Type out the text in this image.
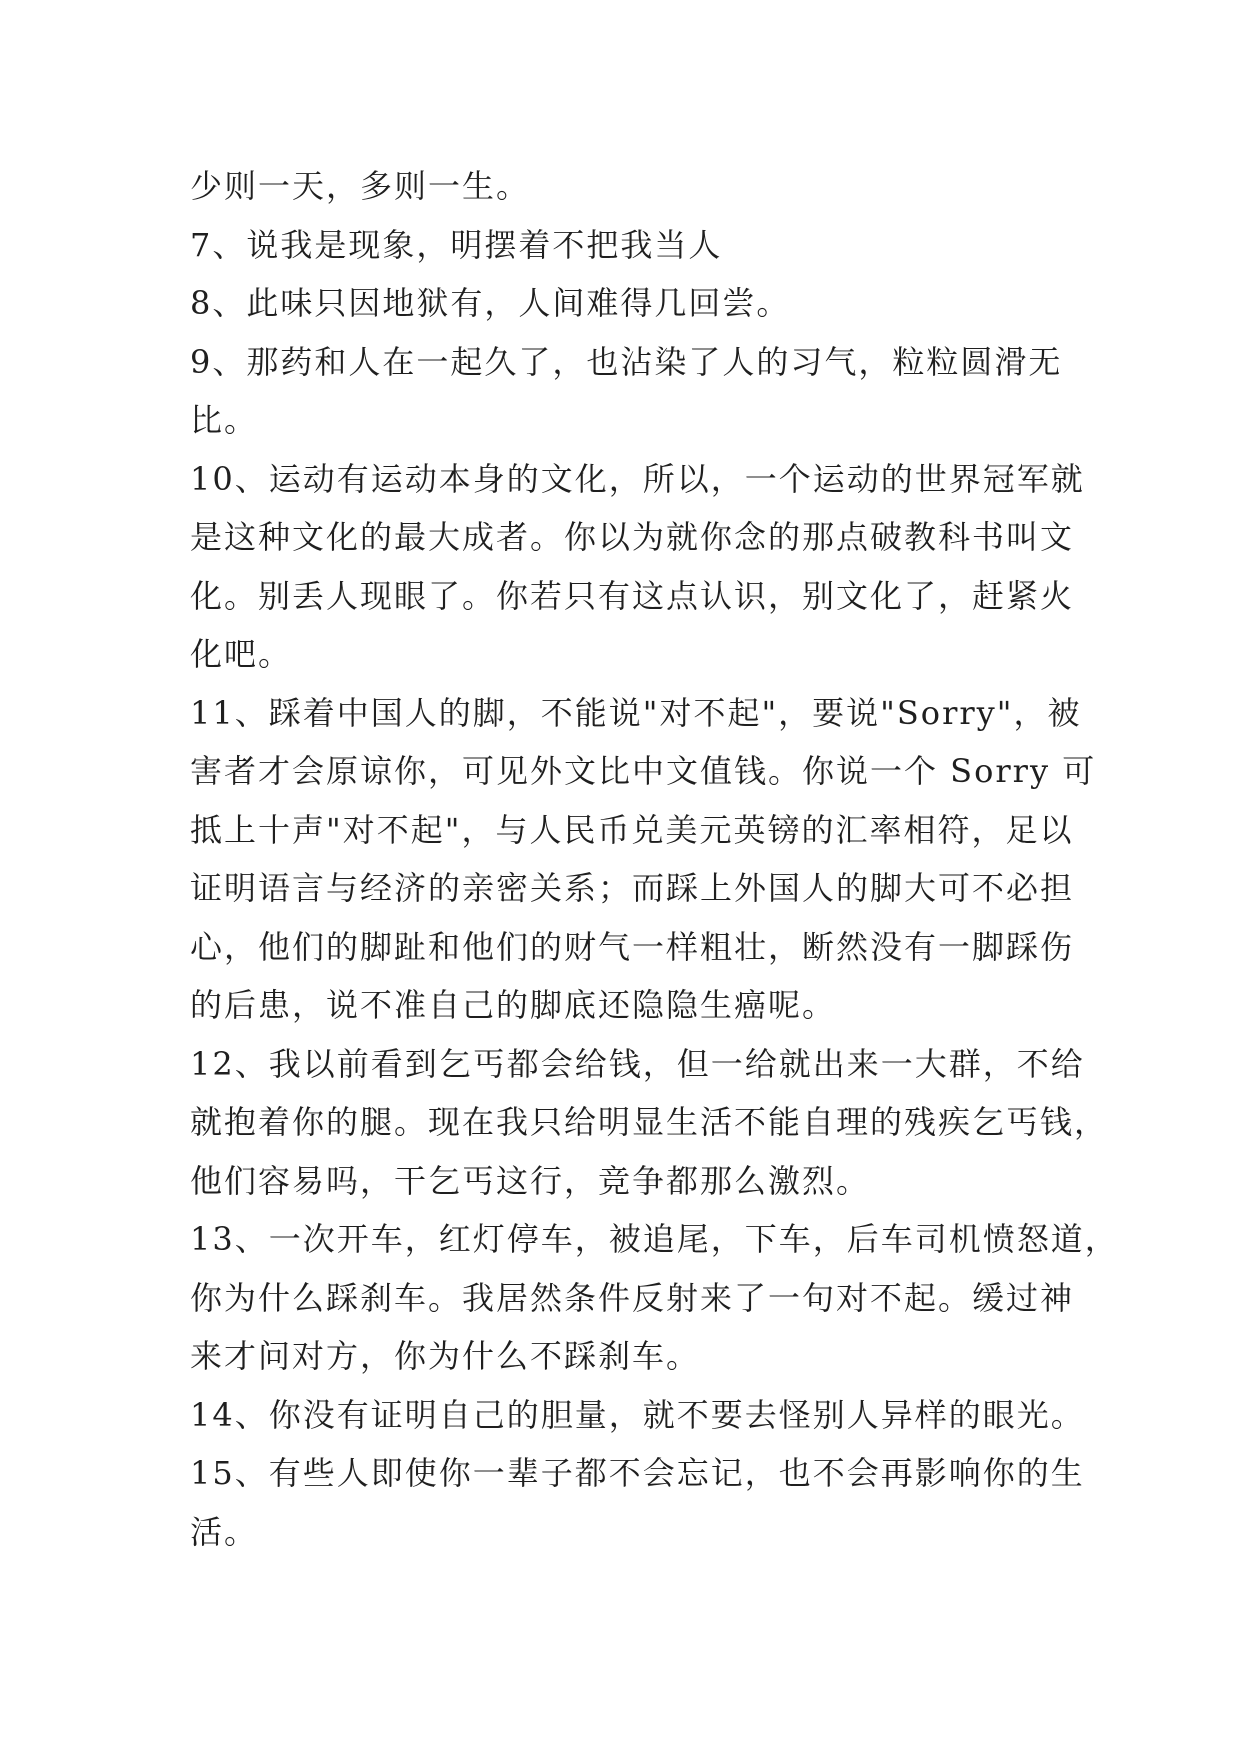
少则一天，多则一生。
7、说我是现象，明摆着不把我当人
8、此味只因地狱有，人间难得几回尝。
9、那药和人在一起久了，也沾染了人的习气，粒粒圆滑无
比。
10、运动有运动本身的文化，所以，一个运动的世界冠军就
是这种文化的最大成者。你以为就你念的那点破教科书叫文
化。别丢人现眼了。你若只有这点认识，别文化了，赶紧火
化吧。
11、踩着中国人的脚，不能说"对不起"，要说"Sorry"，被
害者才会原谅你，可见外文比中文值钱。你说一个 Sorry 可
抵上十声"对不起"，与人民币兑美元英镑的汇率相符，足以
证明语言与经济的亲密关系；而踩上外国人的脚大可不必担
心，他们的脚趾和他们的财气一样粗壮，断然没有一脚踩伤
的后患，说不准自己的脚底还隐隐生癌呢。
12、我以前看到乞丐都会给钱，但一给就出来一大群，不给
就抱着你的腿。现在我只给明显生活不能自理的残疾乞丐钱，
他们容易吗，干乞丐这行，竞争都那么激烈。
13、一次开车，红灯停车，被追尾，下车，后车司机愤怒道，
你为什么踩刹车。我居然条件反射来了一句对不起。缓过神
来才问对方，你为什么不踩刹车。
14、你没有证明自己的胆量，就不要去怪别人异样的眼光。
15、有些人即使你一辈子都不会忘记，也不会再影响你的生
活。
